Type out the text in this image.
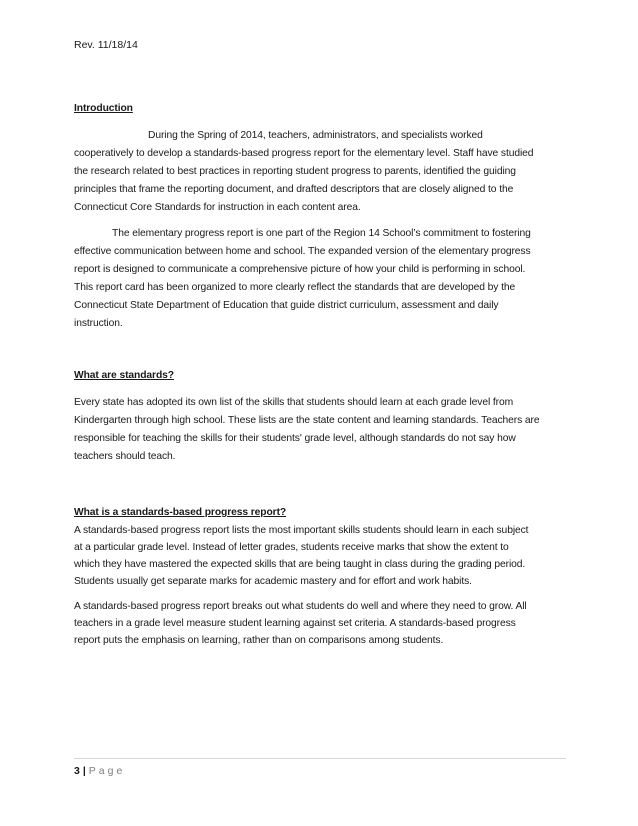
Rev. 11/18/14

Introduction

During the Spring of 2014, teachers, administrators, and specialists worked

cooperatively to develop a standards-based progress report for the elementary level. Staff have studied

the research related to best practices in reporting student progress to parents, identified the guiding

principles that frame the reporting document, and drafted descriptors that are closely aligned to the

Connecticut Core Standards for instruction in each content area.

The elementary progress report is one part of the Region 14 School’s commitment to fostering

effective communication between home and school. The expanded version of the elementary progress

report is designed to communicate a comprehensive picture of how your child is performing in school.

This report card has been organized to more clearly reflect the standards that are developed by the

Connecticut State Department of Education that guide district curriculum, assessment and daily

instruction.

What are standards?

Every state has adopted its own list of the skills that students should learn at each grade level from

Kindergarten through high school. These lists are the state content and learning standards. Teachers are

responsible for teaching the skills for their students' grade level, although standards do not say how

teachers should teach.

What is a standards-based progress report?

A standards-based progress report lists the most important skills students should learn in each subject

at a particular grade level. Instead of letter grades, students receive marks that show the extent to

which they have mastered the expected skills that are being taught in class during the grading period.

Students usually get separate marks for academic mastery and for effort and work habits.

A standards-based progress report breaks out what students do well and where they need to grow. All

teachers in a grade level measure student learning against set criteria. A standards-based progress

report puts the emphasis on learning, rather than on comparisons among students.

3 | Page
